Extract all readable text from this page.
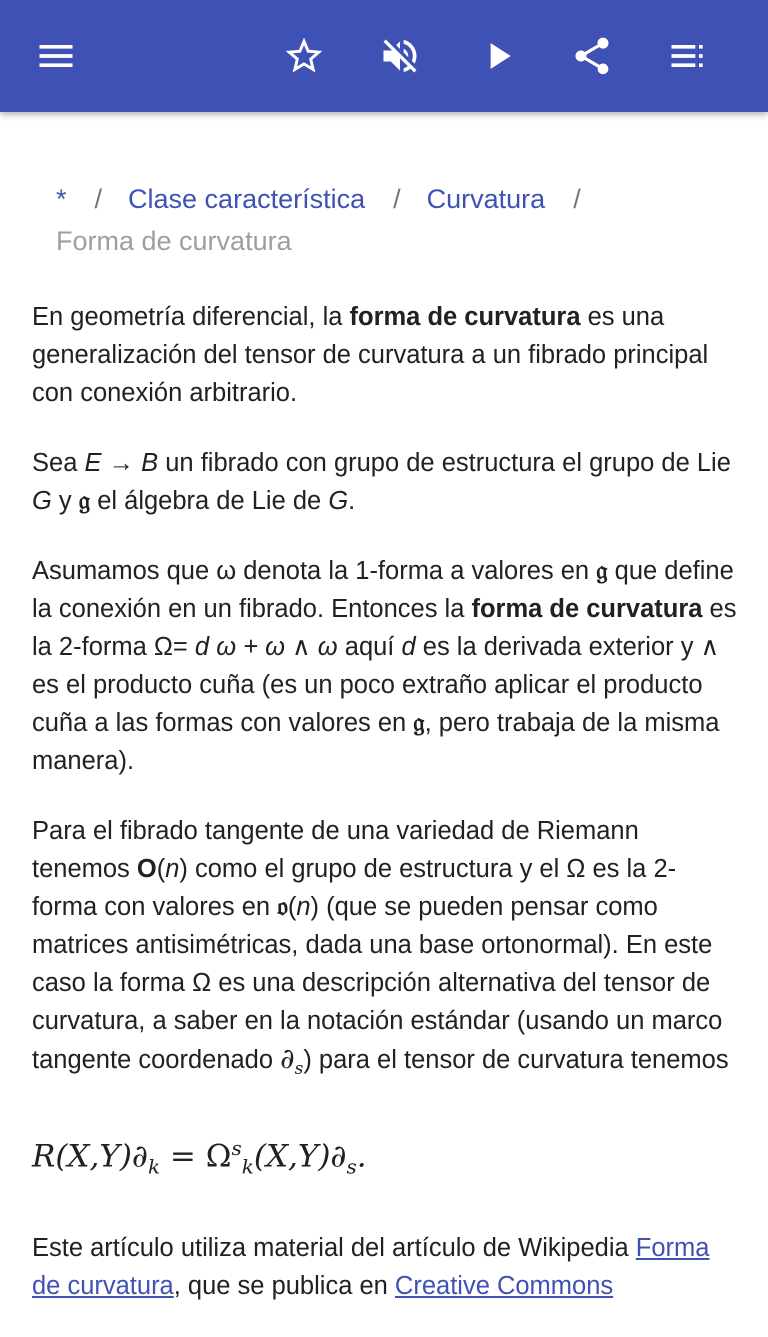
* / Clase característica / Curvatura /
Forma de curvatura

En geometría diferencial, la forma de curvatura es una generalización del tensor de curvatura a un fibrado principal con conexión arbitrario.

Sea E → B un fibrado con grupo de estructura el grupo de Lie G y 𝔤 el álgebra de Lie de G.

Asumamos que ω denota la 1-forma a valores en 𝔤 que define la conexión en un fibrado. Entonces la forma de curvatura es la 2-forma Ω= d ω + ω ∧ ω aquí d es la derivada exterior y ∧ es el producto cuña (es un poco extraño aplicar el producto cuña a las formas con valores en 𝔤, pero trabaja de la misma manera).

Para el fibrado tangente de una variedad de Riemann tenemos O(n) como el grupo de estructura y el Ω es la 2-forma con valores en 𝔬(n) (que se pueden pensar como matrices antisimétricas, dada una base ortonormal). En este caso la forma Ω es una descripción alternativa del tensor de curvatura, a saber en la notación estándar (usando un marco tangente coordenado $\partial_s$) para el tensor de curvatura tenemos

$R(X,Y)\partial_k = \Omega^s_k(X,Y)\partial_s$.

Este artículo utiliza material del artículo de Wikipedia Forma de curvatura, que se publica en Creative Commons
